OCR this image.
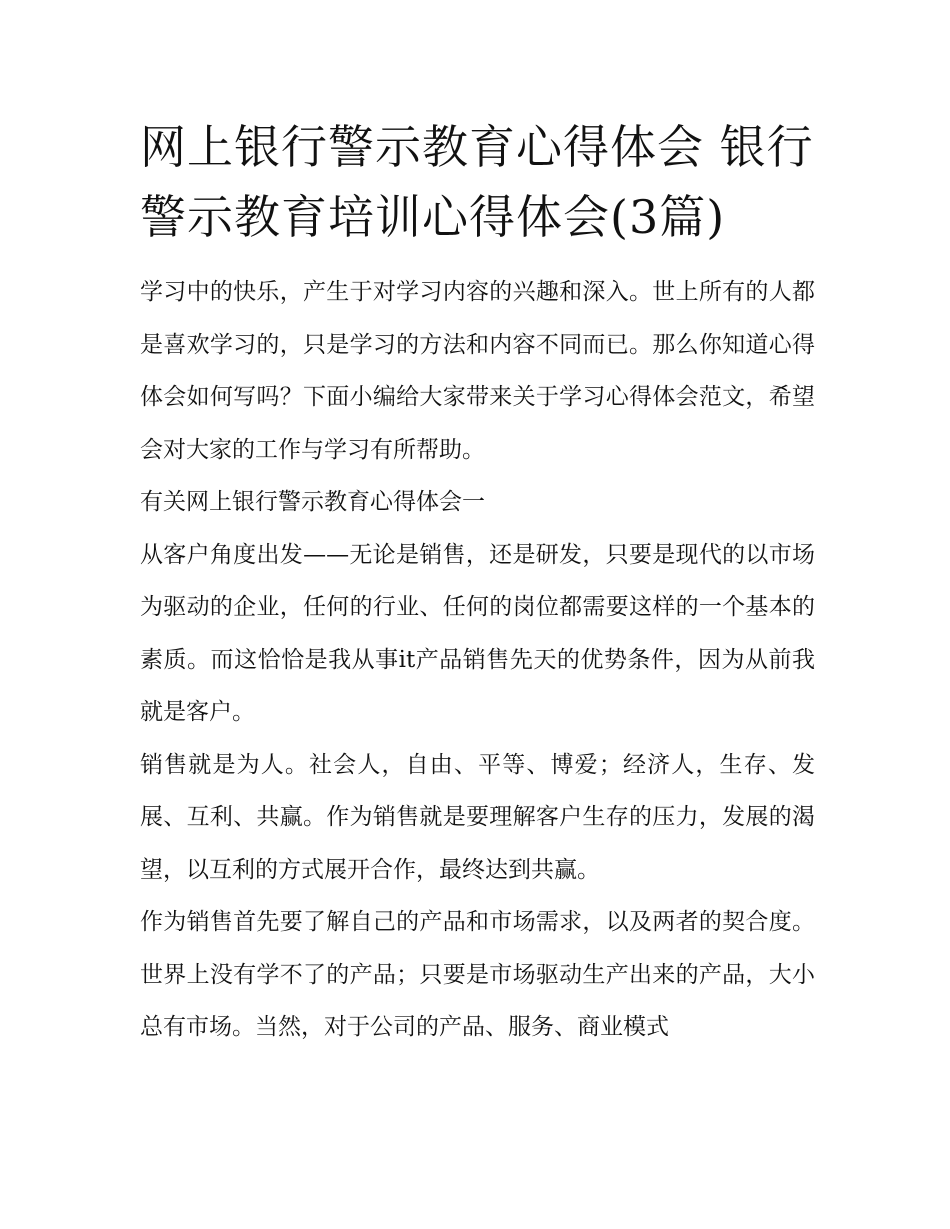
网上银行警示教育心得体会 银行警示教育培训心得体会(3篇)

学习中的快乐，产生于对学习内容的兴趣和深入。世上所有的人都是喜欢学习的，只是学习的方法和内容不同而已。那么你知道心得体会如何写吗？下面小编给大家带来关于学习心得体会范文，希望会对大家的工作与学习有所帮助。

有关网上银行警示教育心得体会一

从客户角度出发——无论是销售，还是研发，只要是现代的以市场为驱动的企业，任何的行业、任何的岗位都需要这样的一个基本的素质。而这恰恰是我从事it产品销售先天的优势条件，因为从前我就是客户。

销售就是为人。社会人，自由、平等、博爱；经济人，生存、发展、互利、共赢。作为销售就是要理解客户生存的压力，发展的渴望，以互利的方式展开合作，最终达到共赢。

作为销售首先要了解自己的产品和市场需求，以及两者的契合度。世界上没有学不了的产品；只要是市场驱动生产出来的产品，大小总有市场。当然，对于公司的产品、服务、商业模式
